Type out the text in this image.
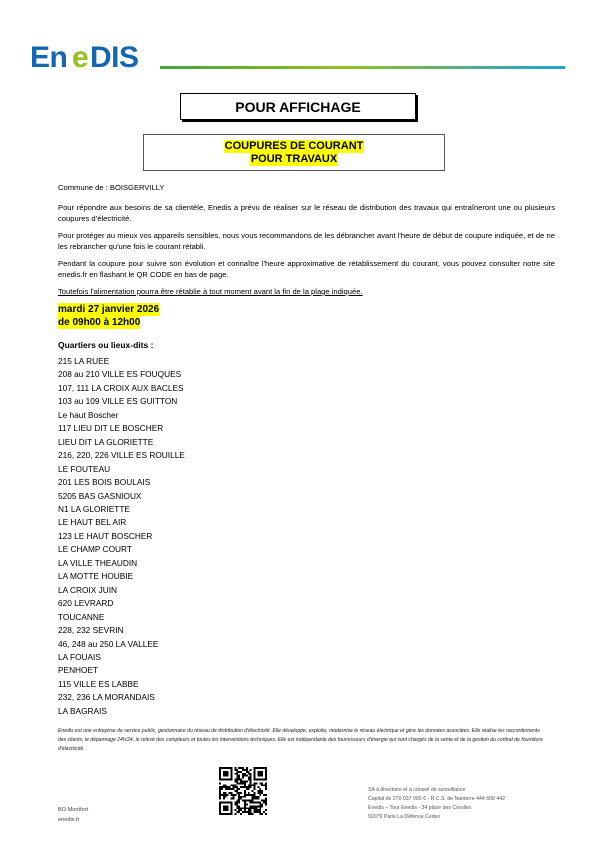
En e DIS
POUR AFFICHAGE
COUPURES DE COURANT
POUR TRAVAUX

Commune de : BOISGERVILLY

Pour répondre aux besoins de sa clientèle, Enedis a prévu de réaliser sur le réseau de distribution des travaux qui entraîneront une ou plusieurs coupures d’électricité.

Pour protéger au mieux vos appareils sensibles, nous vous recommandons de les débrancher avant l'heure de début de coupure indiquée, et de ne les rebrancher qu'une fois le courant rétabli.

Pendant la coupure pour suivre son évolution et connaître l'heure approximative de rétablissement du courant, vous pouvez consulter notre site enedis.fr en flashant le QR CODE en bas de page.

Toutefois l'alimentation pourra être rétablie à tout moment avant la fin de la plage indiquée.

mardi 27 janvier 2026
de 09h00 à 12h00
Quartiers ou lieux-dits :
215 LA RUEE
208 au 210 VILLE ES FOUQUES
107, 111 LA CROIX AUX BACLES
103 au 109 VILLE ES GUITTON
Le haut Boscher
117 LIEU DIT LE BOSCHER
LIEU DIT LA GLORIETTE
216, 220, 226 VILLE ES ROUILLE
LE FOUTEAU
201 LES BOIS BOULAIS
5205 BAS GASNIOUX
N1 LA GLORIETTE
LE HAUT BEL AIR
123 LE HAUT BOSCHER
LE CHAMP COURT
LA VILLE THEAUDIN
LA MOTTE HOUBIE
LA CROIX JUIN
620 LEVRARD
TOUCANNE
228, 232 SEVRIN
46, 248 au 250 LA VALLEE
LA FOUAIS
PENHOET
115 VILLE ES LABBE
232, 236 LA MORANDAIS
LA BAGRAIS
Enedis est une entreprise de service public, gestionnaire du réseau de distribution d'électricité. Elle développe, exploite, modernise le réseau électrique et gère les données associées. Elle réalise les raccordements des clients, le dépannage 24h/24, le relevé des compteurs et toutes les interventions techniques. Elle est indépendante des fournisseurs d'énergie qui sont chargés de la vente et de la gestion du contrat de fourniture d'électricité.
BO Montfort
enedis.fr
SA à directoire et à conseil de surveillance
Capital de 270 037 000 € - R.C.S. de Nanterre 444 608 442
Enedis – Tour Enedis - 34 place des Corolles
92079 Paris La Défense Cedex
